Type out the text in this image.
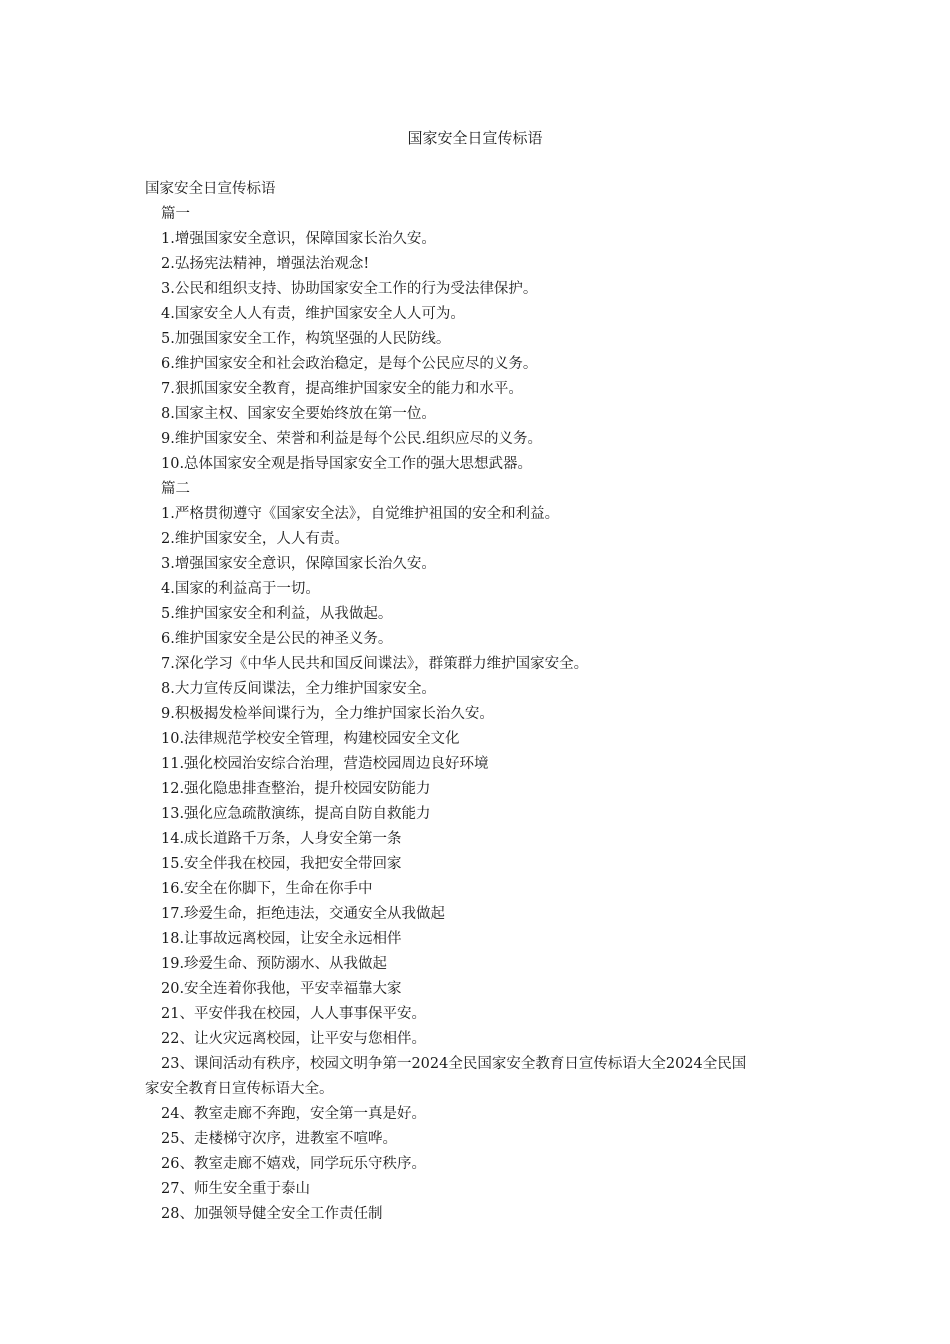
国家安全日宣传标语
国家安全日宣传标语
篇一
1.增强国家安全意识，保障国家长治久安。
2.弘扬宪法精神，增强法治观念!
3.公民和组织支持、协助国家安全工作的行为受法律保护。
4.国家安全人人有责，维护国家安全人人可为。
5.加强国家安全工作，构筑坚强的人民防线。
6.维护国家安全和社会政治稳定，是每个公民应尽的义务。
7.狠抓国家安全教育，提高维护国家安全的能力和水平。
8.国家主权、国家安全要始终放在第一位。
9.维护国家安全、荣誉和利益是每个公民.组织应尽的义务。
10.总体国家安全观是指导国家安全工作的强大思想武器。
篇二
1.严格贯彻遵守《国家安全法》，自觉维护祖国的安全和利益。
2.维护国家安全，人人有责。
3.增强国家安全意识，保障国家长治久安。
4.国家的利益高于一切。
5.维护国家安全和利益，从我做起。
6.维护国家安全是公民的神圣义务。
7.深化学习《中华人民共和国反间谍法》，群策群力维护国家安全。
8.大力宣传反间谍法，全力维护国家安全。
9.积极揭发检举间谍行为，全力维护国家长治久安。
10.法律规范学校安全管理，构建校园安全文化
11.强化校园治安综合治理，营造校园周边良好环境
12.强化隐患排查整治，提升校园安防能力
13.强化应急疏散演练，提高自防自救能力
14.成长道路千万条，人身安全第一条
15.安全伴我在校园，我把安全带回家
16.安全在你脚下，生命在你手中
17.珍爱生命，拒绝违法，交通安全从我做起
18.让事故远离校园，让安全永远相伴
19.珍爱生命、预防溺水、从我做起
20.安全连着你我他，平安幸福靠大家
21、平安伴我在校园，人人事事保平安。
22、让火灾远离校园，让平安与您相伴。
23、课间活动有秩序，校园文明争第一2024全民国家安全教育日宣传标语大全2024全民国
家安全教育日宣传标语大全。
24、教室走廊不奔跑，安全第一真是好。
25、走楼梯守次序，进教室不喧哗。
26、教室走廊不嬉戏，同学玩乐守秩序。
27、师生安全重于泰山
28、加强领导健全安全工作责任制
